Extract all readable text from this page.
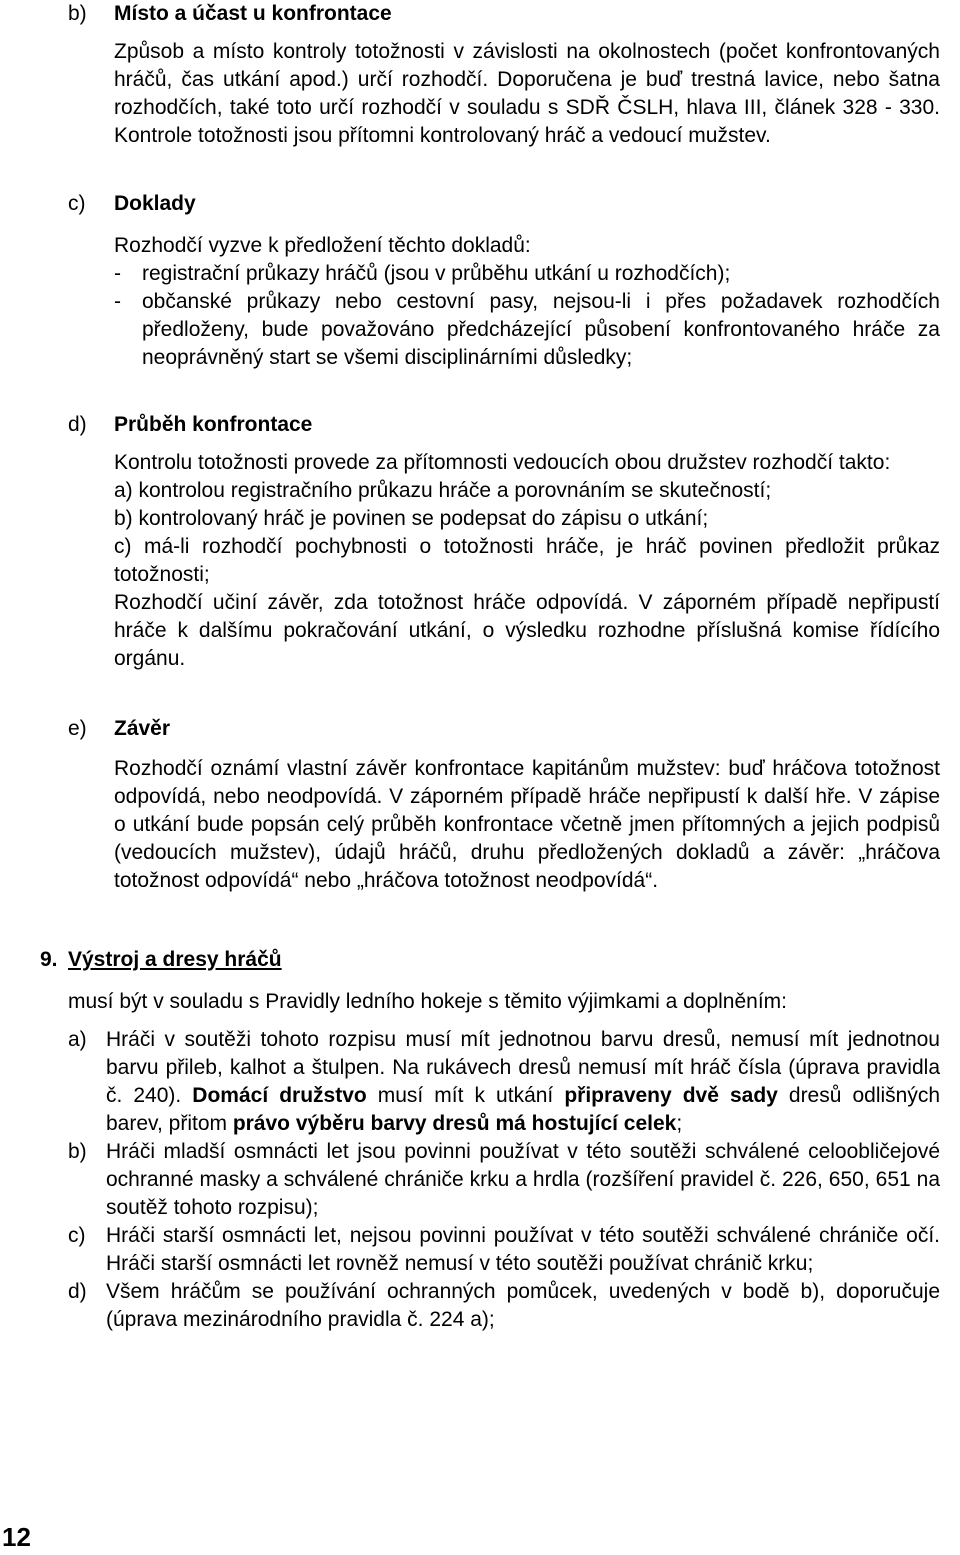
b)	Místo a účast u konfrontace

Způsob a místo kontroly totožnosti v závislosti na okolnostech (počet konfrontovaných hráčů, čas utkání apod.) určí rozhodčí. Doporučena je buď trestná lavice, nebo šatna rozhodčích, také toto určí rozhodčí v souladu s SDŘ ČSLH, hlava III, článek 328 - 330. Kontrole totožnosti jsou přítomni kontrolovaný hráč a vedoucí mužstev.

c)	Doklady

Rozhodčí vyzve k předložení těchto dokladů:

-	registrační průkazy hráčů (jsou v průběhu utkání u rozhodčích);
-	občanské průkazy nebo cestovní pasy, nejsou-li i přes požadavek rozhodčích předloženy, bude považováno předcházející působení konfrontovaného hráče za neoprávněný start se všemi disciplinárními důsledky;
d)	Průběh konfrontace

Kontrolu totožnosti provede za přítomnosti vedoucích obou družstev rozhodčí takto:

a) kontrolou registračního průkazu hráče a porovnáním se skutečností;

b) kontrolovaný hráč je povinen se podepsat do zápisu o utkání;

c) má-li rozhodčí pochybnosti o totožnosti hráče, je hráč povinen předložit průkaz totožnosti;

Rozhodčí učiní závěr, zda totožnost hráče odpovídá. V záporném případě nepřipustí hráče k dalšímu pokračování utkání, o výsledku rozhodne příslušná komise řídícího orgánu.

e)	Závěr

Rozhodčí oznámí vlastní závěr konfrontace kapitánům mužstev: buď hráčova totožnost odpovídá, nebo neodpovídá. V záporném případě hráče nepřipustí k další hře. V zápise o utkání bude popsán celý průběh konfrontace včetně jmen přítomných a jejich podpisů (vedoucích mužstev), údajů hráčů, druhu předložených dokladů a závěr: „hráčova totožnost odpovídá“ nebo „hráčova totožnost neodpovídá“.

9. Výstroj a dresy hráčů
musí být v souladu s Pravidly ledního hokeje s těmito výjimkami a doplněním:
a) Hráči v soutěži tohoto rozpisu musí mít jednotnou barvu dresů, nemusí mít jednotnou barvu přileb, kalhot a štulpen. Na rukávech dresů nemusí mít hráč čísla (úprava pravidla č. 240). Domácí družstvo musí mít k utkání připraveny dvě sady dresů odlišných barev, přitom právo výběru barvy dresů má hostující celek;
b) Hráči mladší osmnácti let jsou povinni používat v této soutěži schválené celoobličejové ochranné masky a schválené chrániče krku a hrdla (rozšíření pravidel č. 226, 650, 651 na soutěž tohoto rozpisu);
c) Hráči starší osmnácti let, nejsou povinni používat v této soutěži schválené chrániče očí. Hráči starší osmnácti let rovněž nemusí v této soutěži používat chránič krku;
d) Všem hráčům se používání ochranných pomůcek, uvedených v bodě b), doporučuje (úprava mezinárodního pravidla č. 224 a);
12
